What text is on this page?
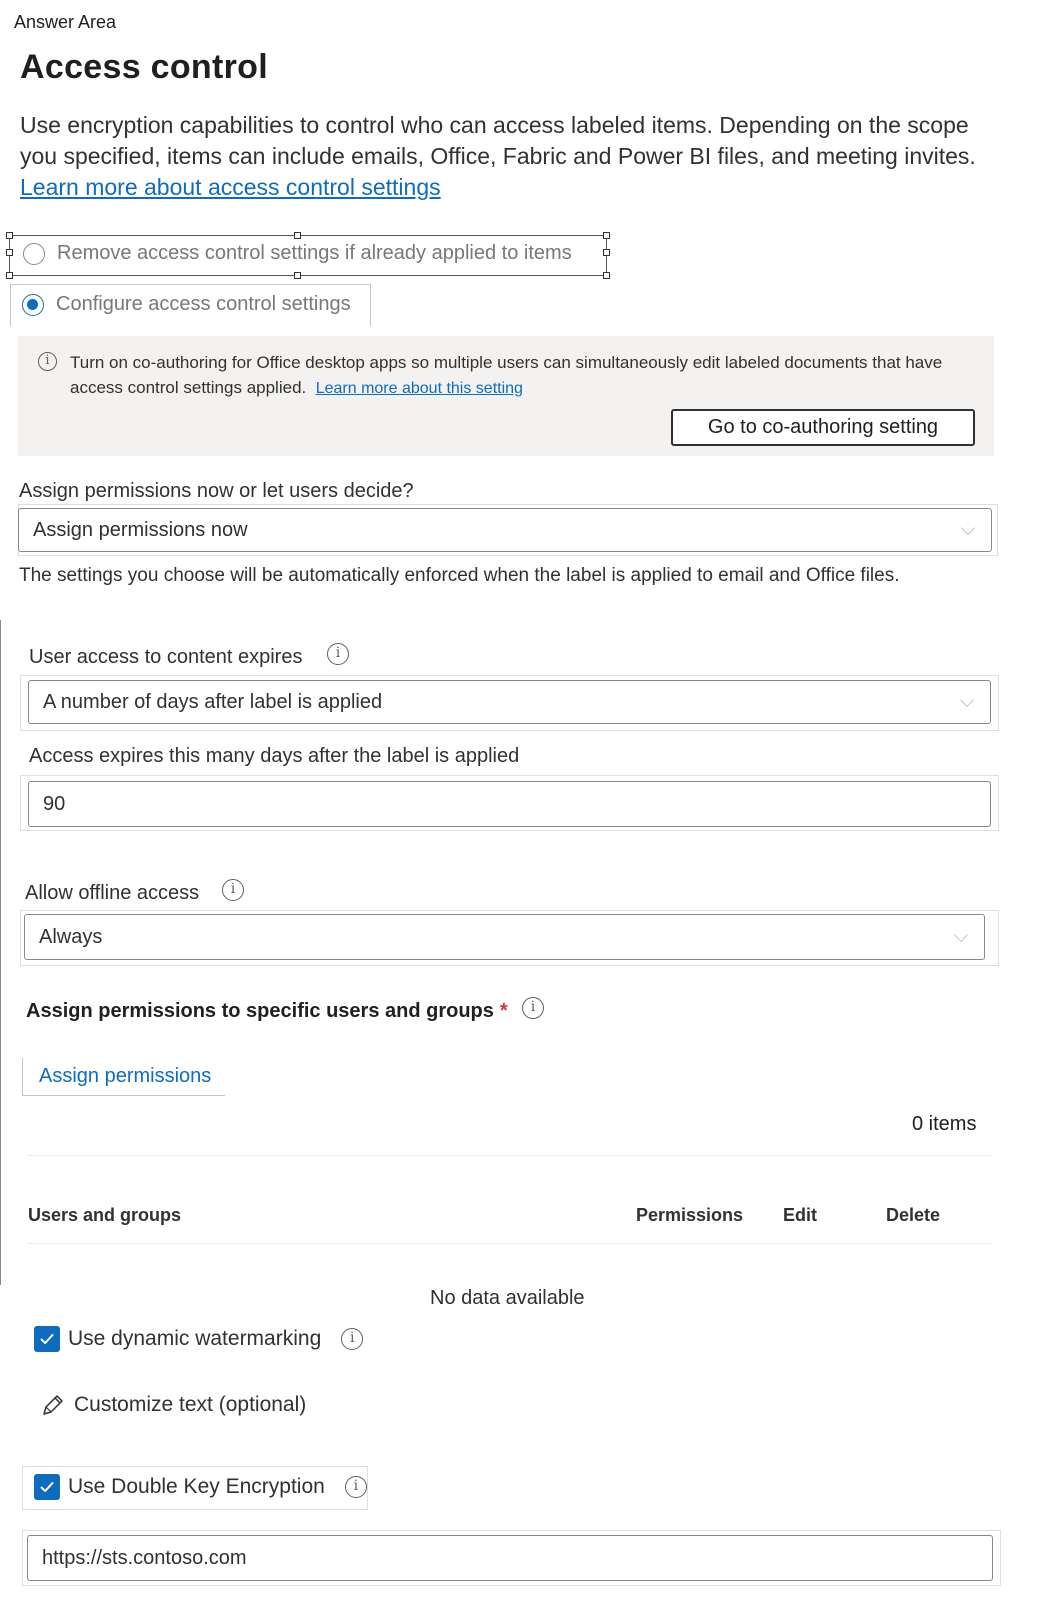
Answer Area
Access control
Use encryption capabilities to control who can access labeled items. Depending on the scope you specified, items can include emails, Office, Fabric and Power BI files, and meeting invites. Learn more about access control settings
Remove access control settings if already applied to items
Configure access control settings
i	Turn on co-authoring for Office desktop apps so multiple users can simultaneously edit labeled documents that have access control settings applied. Learn more about this setting
Go to co-authoring setting
Assign permissions now or let users decide?
Assign permissions now
The settings you choose will be automatically enforced when the label is applied to email and Office files.
User access to content expires	i
A number of days after label is applied
Access expires this many days after the label is applied
90
Allow offline access	i
Always
Assign permissions to specific users and groups *	i
Assign permissions
0 items
Users and groups	Permissions Edit	Delete
No data available
Use dynamic watermarking	i
Customize text (optional)
Use Double Key Encryption	i
https://sts.contoso.com
